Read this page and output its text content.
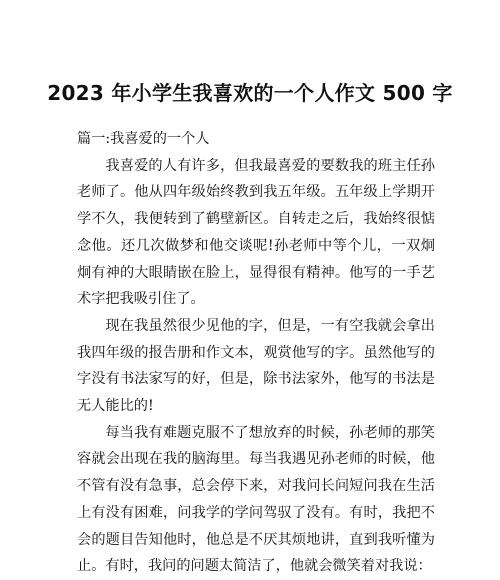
2023 年小学生我喜欢的一个人作文 500 字

篇一:我喜爱的一个人

我喜爱的人有许多，但我最喜爱的要数我的班主任孙老师了。他从四年级始终教到我五年级。五年级上学期开学不久，我便转到了鹤壁新区。自转走之后，我始终很惦念他。还几次做梦和他交谈呢!孙老师中等个儿，一双炯炯有神的大眼睛嵌在脸上，显得很有精神。他写的一手艺术字把我吸引住了。

现在我虽然很少见他的字，但是，一有空我就会拿出我四年级的报告册和作文本，观赏他写的字。虽然他写的字没有书法家写的好，但是，除书法家外，他写的书法是无人能比的!

每当我有难题克服不了想放弃的时候，孙老师的那笑容就会出现在我的脑海里。每当我遇见孙老师的时候，他不管有没有急事，总会停下来，对我问长问短问我在生活上有没有困难，问我学的学问驾驭了没有。有时，我把不会的题目告知他时，他总是不厌其烦地讲，直到我听懂为止。有时，我问的问题太简洁了，他就会微笑着对我说：
